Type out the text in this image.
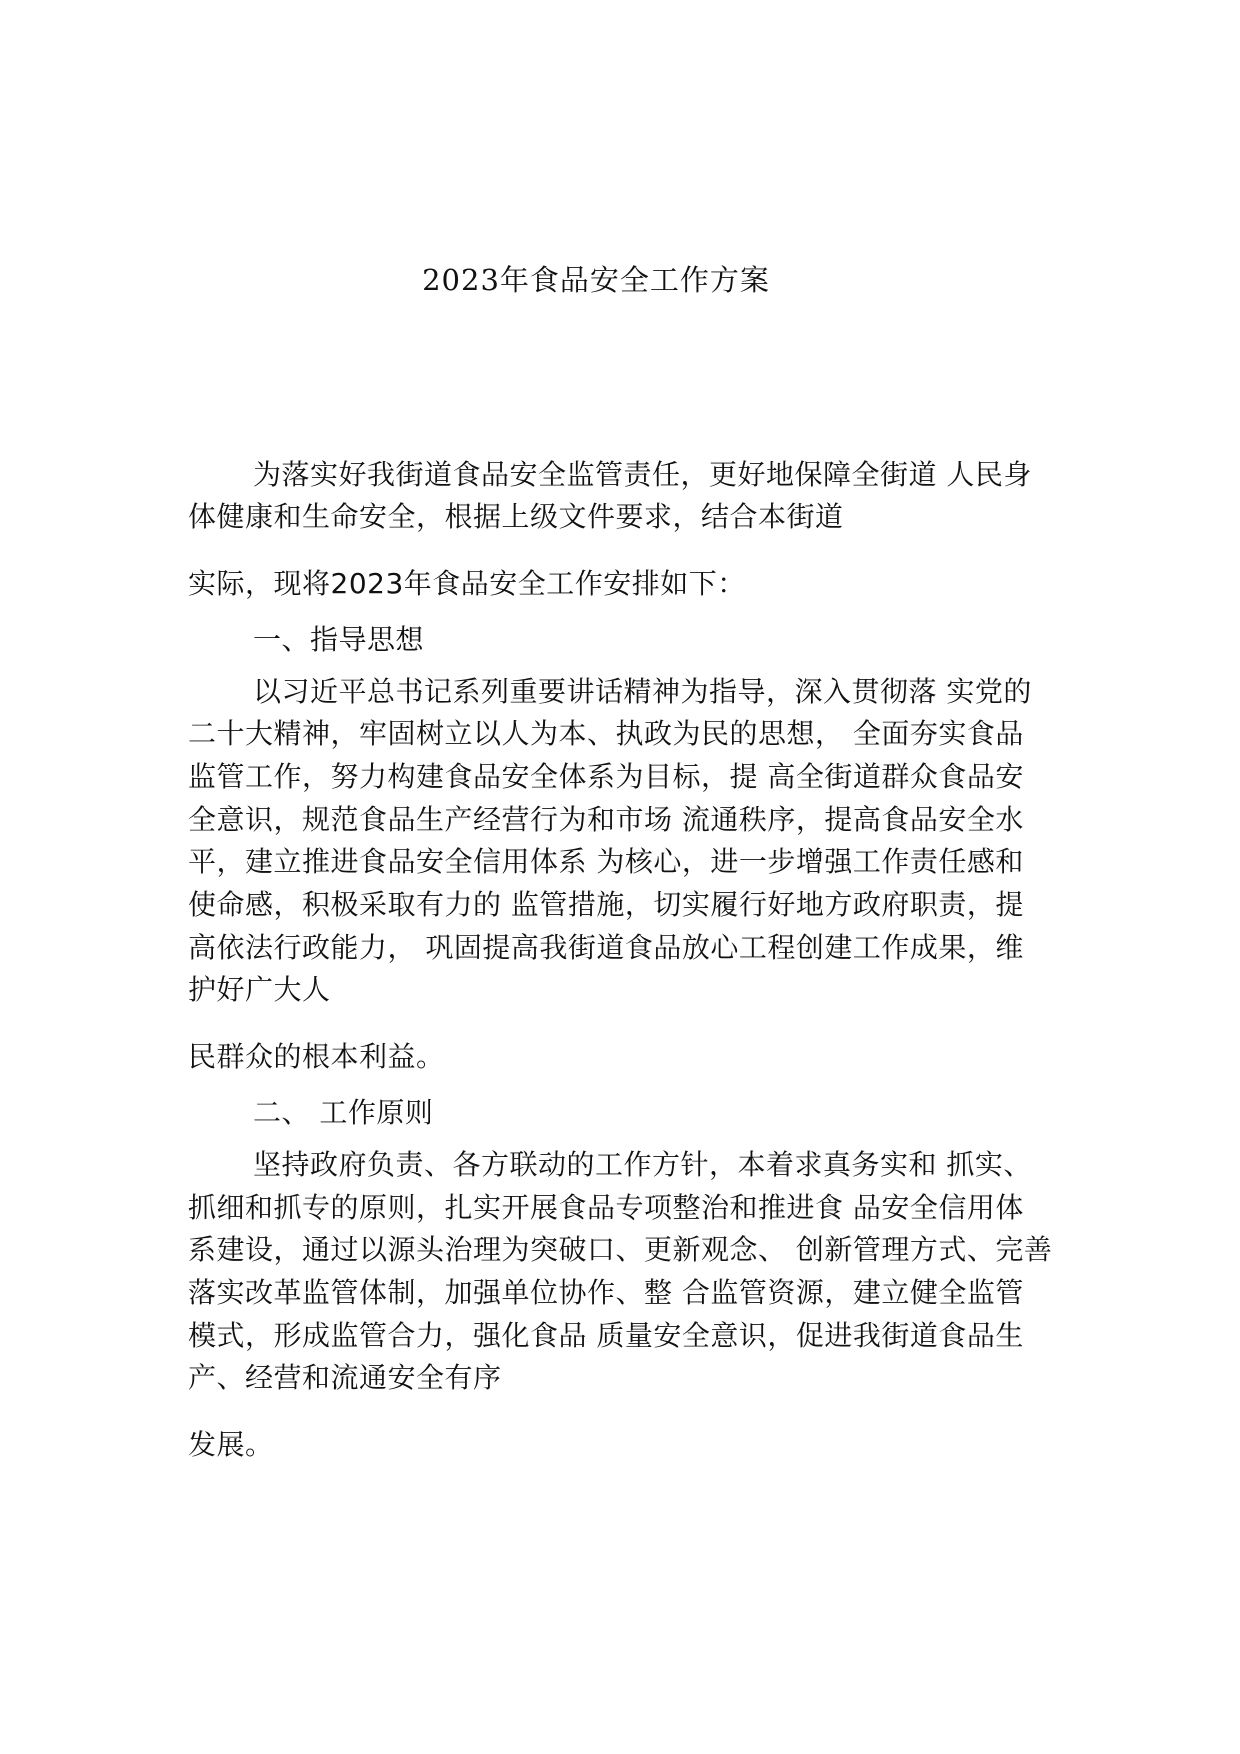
2023年食品安全工作方案

为落实好我街道食品安全监管责任，更好地保障全街道 人民身

体健康和生命安全，根据上级文件要求，结合本街道

实际，现将2023年食品安全工作安排如下：

一、指导思想

以习近平总书记系列重要讲话精神为指导，深入贯彻落 实党的

二十大精神，牢固树立以人为本、执政为民的思想， 全面夯实食品

监管工作，努力构建食品安全体系为目标，提 高全街道群众食品安

全意识，规范食品生产经营行为和市场 流通秩序，提高食品安全水

平，建立推进食品安全信用体系 为核心，进一步增强工作责任感和

使命感，积极采取有力的 监管措施，切实履行好地方政府职责，提

高依法行政能力， 巩固提高我街道食品放心工程创建工作成果，维

护好广大人

民群众的根本利益。

二、 工作原则

坚持政府负责、各方联动的工作方针，本着求真务实和 抓实、

抓细和抓专的原则，扎实开展食品专项整治和推进食 品安全信用体

系建设，通过以源头治理为突破口、更新观念、 创新管理方式、完善

落实改革监管体制，加强单位协作、整 合监管资源，建立健全监管

模式，形成监管合力，强化食品 质量安全意识，促进我街道食品生

产、经营和流通安全有序

发展。
